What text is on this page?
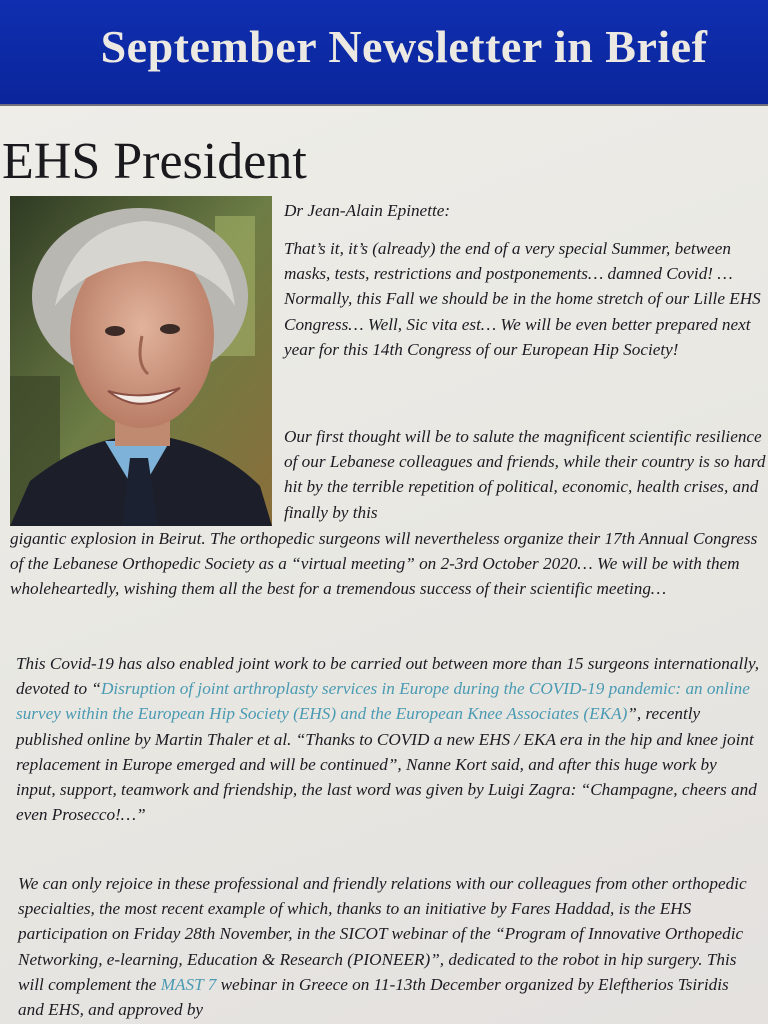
September Newsletter in Brief
EHS President

Dr Jean-Alain Epinette:

That’s it, it’s (already) the end of a very special Summer, between masks, tests, restrictions and postponements… damned Covid! …Normally, this Fall we should be in the home stretch of our Lille EHS Congress… Well, Sic vita est… We will be even better prepared next year for this 14th Congress of our European Hip Society!

Our first thought will be to salute the magnificent scientific resilience of our Lebanese colleagues and friends, while their country is so hard hit by the terrible repetition of political, economic, health crises, and finally by this

gigantic explosion in Beirut. The orthopedic surgeons will nevertheless organize their 17th Annual Congress of the Lebanese Orthopedic Society as a “virtual meeting” on 2-3rd October 2020… We will be with them wholeheartedly, wishing them all the best for a tremendous success of their scientific meeting…

This Covid-19 has also enabled joint work to be carried out between more than 15 surgeons internationally, devoted to “Disruption of joint arthroplasty services in Europe during the COVID-19 pandemic: an online survey within the European Hip Society (EHS) and the European Knee Associates (EKA)”, recently published online by Martin Thaler et al. “Thanks to COVID a new EHS / EKA era in the hip and knee joint replacement in Europe emerged and will be continued”, Nanne Kort said, and after this huge work by input, support, teamwork and friendship, the last word was given by Luigi Zagra: “Champagne, cheers and even Prosecco!…”

We can only rejoice in these professional and friendly relations with our colleagues from other orthopedic specialties, the most recent example of which, thanks to an initiative by Fares Haddad, is the EHS participation on Friday 28th November, in the SICOT webinar of the “Program of Innovative Orthopedic Networking, e-learning, Education & Research (PIONEER)”, dedicated to the robot in hip surgery. This will complement the MAST 7 webinar in Greece on 11-13th December organized by Eleftherios Tsiridis and EHS, and approved by
